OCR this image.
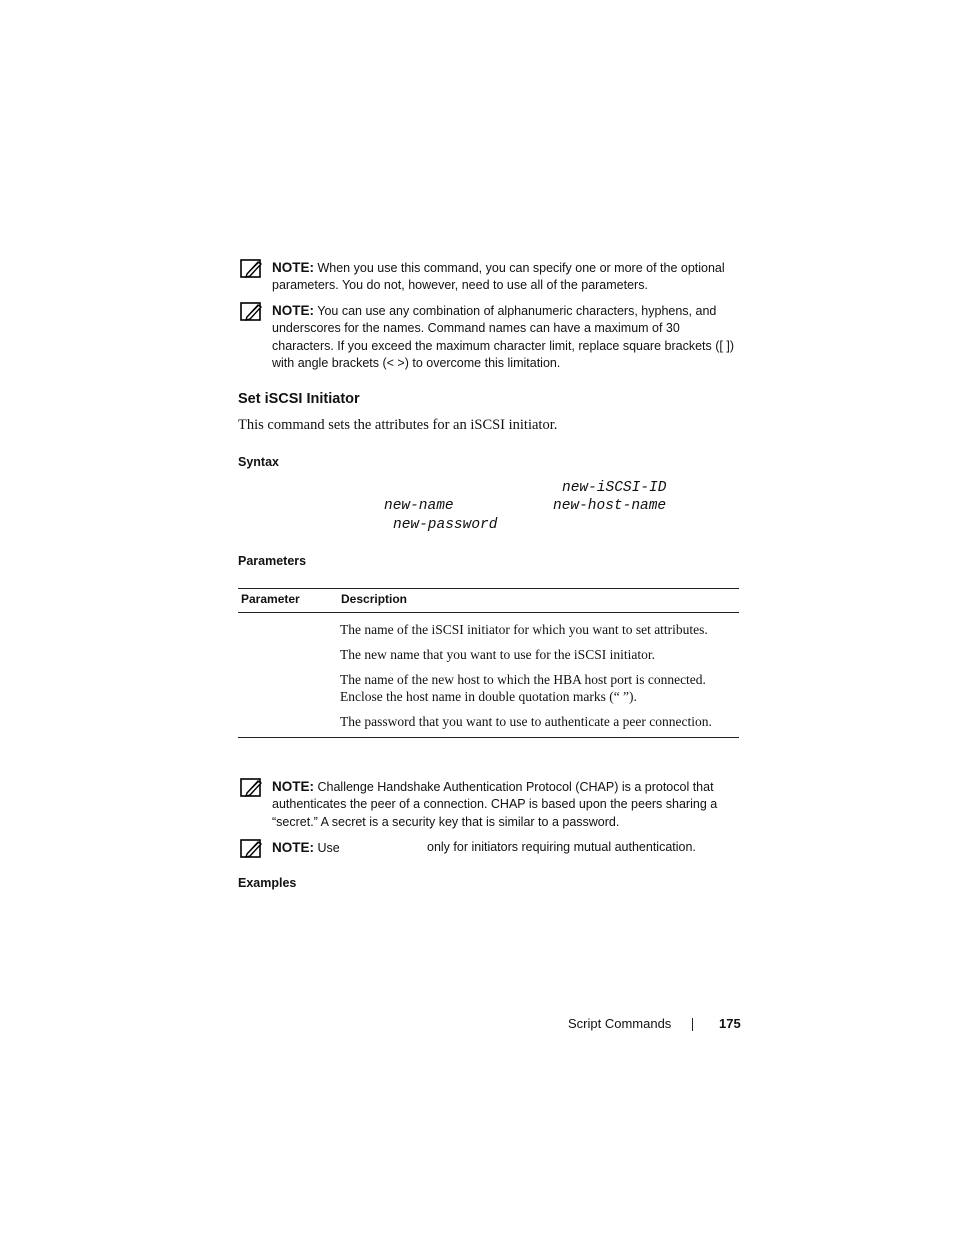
NOTE: When you use this command, you can specify one or more of the optional parameters. You do not, however, need to use all of the parameters.
NOTE: You can use any combination of alphanumeric characters, hyphens, and underscores for the names. Command names can have a maximum of 30 characters. If you exceed the maximum character limit, replace square brackets ([ ]) with angle brackets (< >) to overcome this limitation.
Set iSCSI Initiator
This command sets the attributes for an iSCSI initiator.
Syntax
new-iSCSI-ID
new-name	new-host-name
new-password
Parameters
Parameter	Description
	The name of the iSCSI initiator for which you want to set attributes.
	The new name that you want to use for the iSCSI initiator.
	The name of the new host to which the HBA host port is connected. Enclose the host name in double quotation marks (“ ”).
	The password that you want to use to authenticate a peer connection.
NOTE: Challenge Handshake Authentication Protocol (CHAP) is a protocol that authenticates the peer of a connection. CHAP is based upon the peers sharing a “secret.” A secret is a security key that is similar to a password.
NOTE: Use	only for initiators requiring mutual authentication.
Examples
Script Commands	175
